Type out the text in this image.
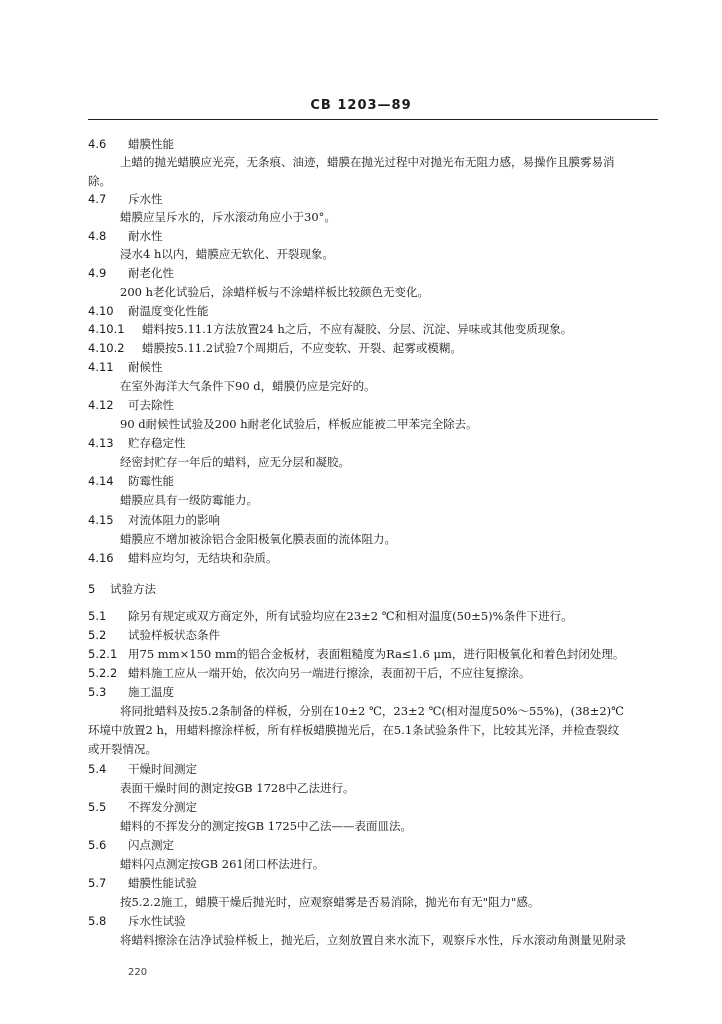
CB 1203—89
4.6 蜡膜性能
上蜡的抛光蜡膜应光亮，无条痕、油迹，蜡膜在抛光过程中对抛光布无阻力感，易操作且膜雾易消
除。
4.7 斥水性
蜡膜应呈斥水的，斥水滚动角应小于30°。
4.8 耐水性
浸水4 h以内，蜡膜应无软化、开裂现象。
4.9 耐老化性
200 h老化试验后，涂蜡样板与不涂蜡样板比较颜色无变化。
4.10 耐温度变化性能
4.10.1 蜡料按5.11.1方法放置24 h之后，不应有凝胶、分层、沉淀、异味或其他变质现象。
4.10.2 蜡膜按5.11.2试验7个周期后，不应变软、开裂、起雾或模糊。
4.11 耐候性
在室外海洋大气条件下90 d，蜡膜仍应是完好的。
4.12 可去除性
90 d耐候性试验及200 h耐老化试验后，样板应能被二甲苯完全除去。
4.13 贮存稳定性
经密封贮存一年后的蜡料，应无分层和凝胶。
4.14 防霉性能
蜡膜应具有一级防霉能力。
4.15 对流体阻力的影响
蜡膜应不增加被涂铝合金阳极氧化膜表面的流体阻力。
4.16 蜡料应均匀，无结块和杂质。
5 试验方法
5.1 除另有规定或双方商定外，所有试验均应在23±2 ℃和相对温度(50±5)%条件下进行。
5.2 试验样板状态条件
5.2.1 用75 mm×150 mm的铝合金板材，表面粗糙度为Ra≤1.6 μm，进行阳极氧化和着色封闭处理。
5.2.2 蜡料施工应从一端开始，依次向另一端进行擦涂，表面初干后，不应往复擦涂。
5.3 施工温度
将同批蜡料及按5.2条制备的样板，分别在10±2 ℃，23±2 ℃(相对湿度50%～55%)，(38±2)℃
环境中放置2 h，用蜡料擦涂样板，所有样板蜡膜抛光后，在5.1条试验条件下，比较其光泽，并检查裂纹
或开裂情况。
5.4 干燥时间测定
表面干燥时间的测定按GB 1728中乙法进行。
5.5 不挥发分测定
蜡料的不挥发分的测定按GB 1725中乙法——表面皿法。
5.6 闪点测定
蜡料闪点测定按GB 261闭口杯法进行。
5.7 蜡膜性能试验
按5.2.2施工，蜡膜干燥后抛光时，应观察蜡雾是否易消除，抛光布有无"阻力"感。
5.8 斥水性试验
将蜡料擦涂在洁净试验样板上，抛光后，立刻放置自来水流下，观察斥水性，斥水滚动角测量见附录
220
